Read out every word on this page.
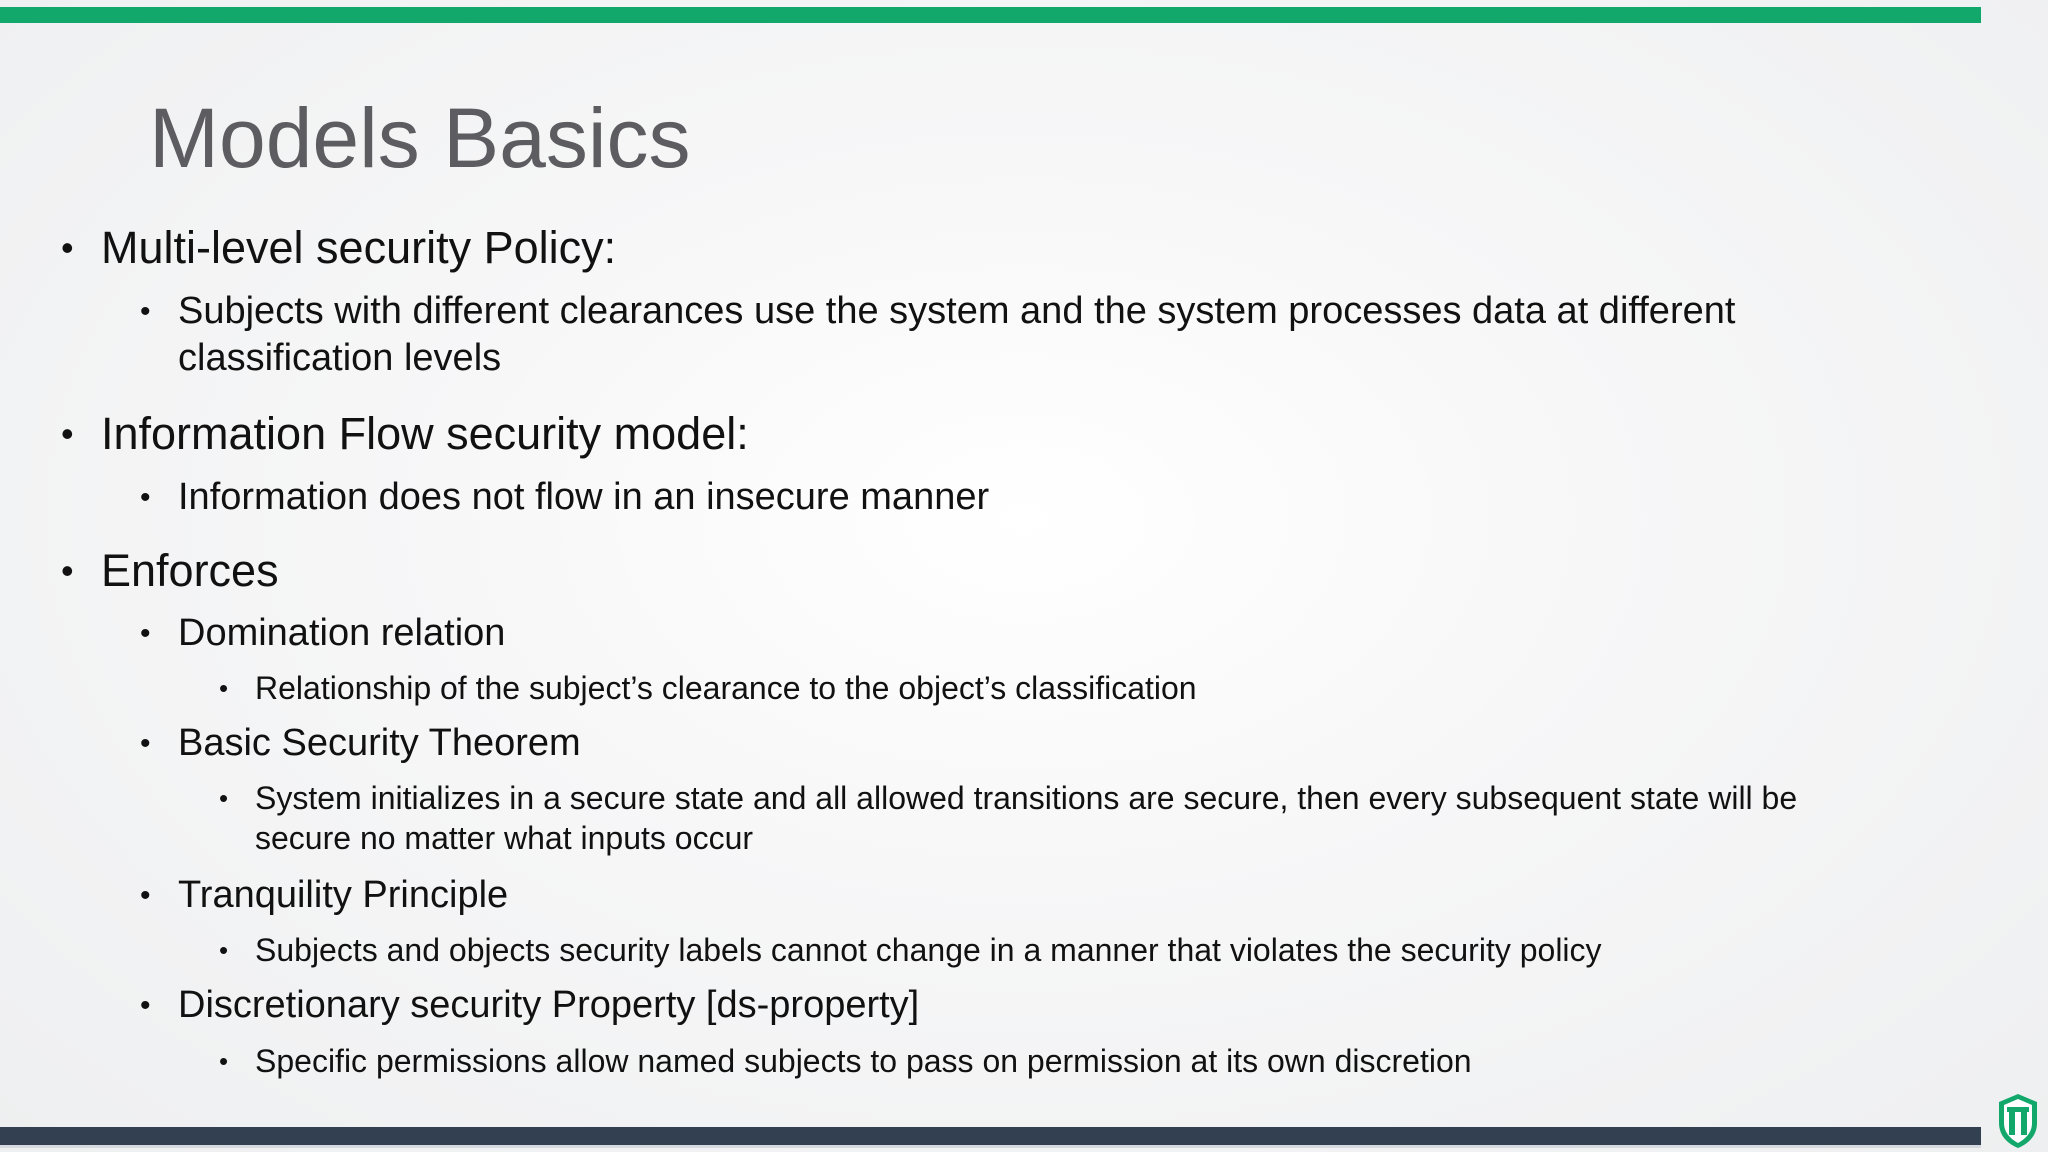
Models Basics
• Multi-level security Policy:
• Subjects with different clearances use the system and the system processes data at different
classification levels
• Information Flow security model:
• Information does not flow in an insecure manner
• Enforces
• Domination relation
• Relationship of the subject’s clearance to the object’s classification
• Basic Security Theorem
• System initializes in a secure state and all allowed transitions are secure, then every subsequent state will be
secure no matter what inputs occur
• Tranquility Principle
• Subjects and objects security labels cannot change in a manner that violates the security policy
• Discretionary security Property [ds-property]
• Specific permissions allow named subjects to pass on permission at its own discretion
